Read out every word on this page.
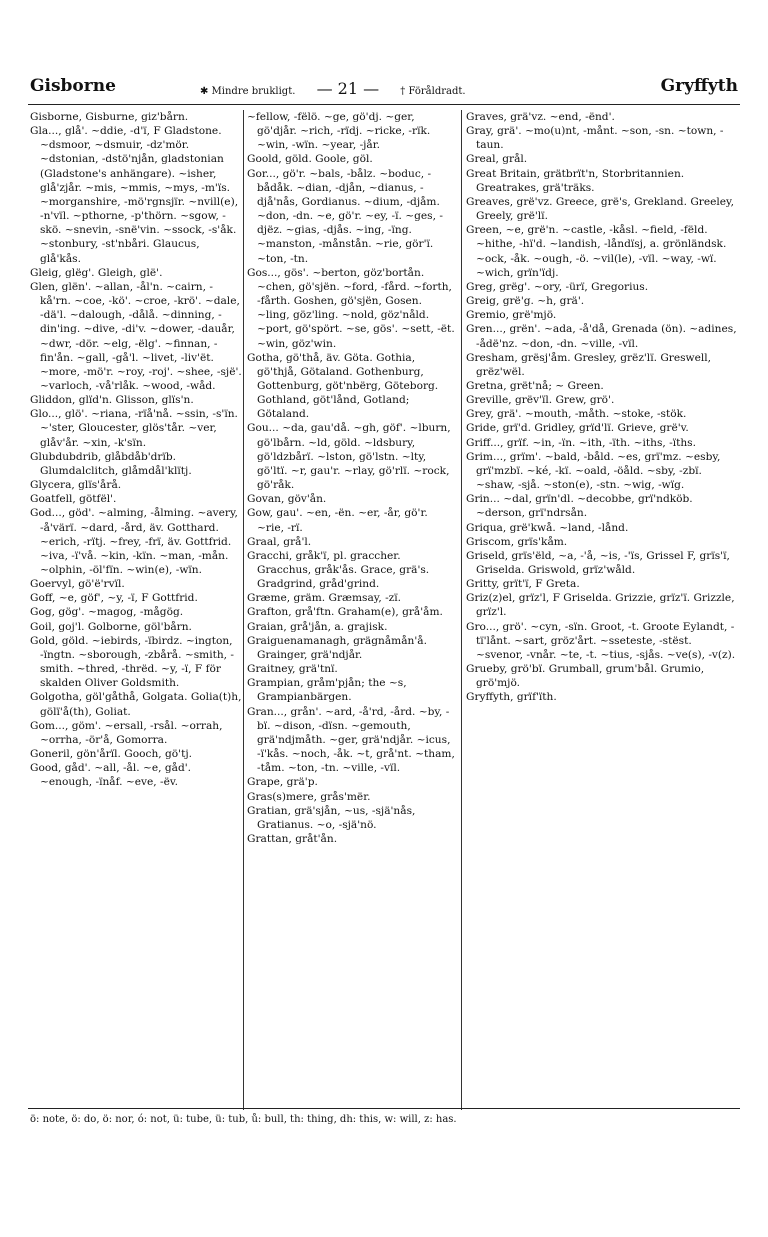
Gisborne	✱ Mindre brukligt. — 21 — † Föråldradt.	Gryffyth

Gisborne, Gisburne, giz'bårn.

Gla..., glå'. ~ddie, -d'ï, F Gladstone. ~dsmoor, ~dsmuir, -dz'mör. ~dstonian, -dstö'njån, gladstonian (Gladstone's anhängare). ~isher, glå'zjår. ~mis, ~mmis, ~mys, -m'ïs. ~morganshire, -mö'rgnsjïr. ~nvill(e), -n'vïl. ~pthorne, -p'thörn. ~sgow, -skö. ~snevin, -snë'vin. ~ssock, -s'åk. ~stonbury, -st'nbåri. Glaucus, glå'kås.

Gleig, glëg'. Gleigh, glë'.

Glen, glën'. ~allan, -ål'n. ~cairn, -kå'rn. ~coe, -kö'. ~croe, -krö'. ~dale, -dä'l. ~dalough, -dålå. ~dinning, -din'ing. ~dive, -di'v. ~dower, -dauår, ~dwr, -dör. ~elg, -ëlg'. ~finnan, -fin'ån. ~gall, -gå'l. ~livet, -liv'ët. ~more, -mö'r. ~roy, -roj'. ~shee, -sjë'. ~varloch, -vå'rlåk. ~wood, -wåd.

Gliddon, glïd'n. Glisson, glïs'n.

Glo..., glö'. ~riana, -rïå'nå. ~ssin, -s'ïn. ~'ster, Gloucester, glös'tår. ~ver, glåv'år. ~xin, -k'sïn.

Glubdubdrib, glåbdåb'drïb. Glumdalclitch, glåmdål'klïtj.

Glycera, glïs'årå.

Goatfell, götfël'.

God..., göd'. ~alming, -ålming. ~avery, -å'värï. ~dard, -ård, äv. Gotthard. ~erich, -rïtj. ~frey, -frï, äv. Gottfrid. ~iva, -ï'vå. ~kin, -kïn. ~man, -mån. ~olphin, -öl'fïn. ~win(e), -wïn.

Goervyl, gö'ë'rvïl.

Goff, ~e, göf', ~y, -ï, F Gottfrid.

Gog, gög'. ~magog, -mågög.

Goil, goj'l. Golborne, göl'bårn.

Gold, göld. ~iebirds, -ïbirdz. ~ington, -ïngtn. ~sborough, -zbårå. ~smith, -smith. ~thred, -thrëd. ~y, -ï, F för skalden Oliver Goldsmith.

Golgotha, göl'gåthå, Golgata. Golia(t)h, gölï'å(th), Goliat.

Gom..., göm'. ~ersall, -rsål. ~orrah, ~orrha, -ör'å, Gomorra.

Goneril, gön'årïl. Gooch, gö'tj.

Good, gåd'. ~all, -ål. ~e, gåd'. ~enough, -ïnåf. ~eve, -ëv.

~fellow, -fëlö. ~ge, gö'dj. ~ger, gö'djår. ~rich, -rïdj. ~ricke, -rïk. ~win, -wïn. ~year, -jår.

Goold, göld. Goole, göl.

Gor..., gö'r. ~bals, -bålz. ~boduc, -bådåk. ~dian, -djån, ~dianus, -djå'nås, Gordianus. ~dium, -djåm. ~don, -dn. ~e, gö'r. ~ey, -ï. ~ges, -djëz. ~gias, -djås. ~ing, -ïng. ~manston, -månstån. ~rie, gör'ï. ~ton, -tn.

Gos..., gös'. ~berton, göz'bortån. ~chen, gö'sjën. ~ford, -fård. ~forth, -fårth. Goshen, gö'sjën, Gosen. ~ling, göz'ling. ~nold, göz'nåld. ~port, gö'spört. ~se, gös'. ~sett, -ët. ~win, göz'win.

Gotha, gö'thå, äv. Göta. Gothia, gö'thjå, Götaland. Gothenburg, Gottenburg, göt'nbërg, Göteborg. Gothland, göt'lånd, Gotland; Götaland.

Gou... ~da, gau'då. ~gh, göf'. ~lburn, gö'lbårn. ~ld, göld. ~ldsbury, gö'ldzbårï. ~lston, gö'lstn. ~lty, gö'ltï. ~r, gau'r. ~rlay, gö'rlï. ~rock, gö'råk.

Govan, göv'ån.

Gow, gau'. ~en, -ën. ~er, -år, gö'r. ~rie, -rï.

Graal, grå'l.

Gracchi, gråk'ï, pl. graccher. Gracchus, gråk'ås. Grace, grä's. Gradgrind, gråd'grind.

Græme, gräm. Græmsay, -zï.

Grafton, grå'ftn. Graham(e), grå'åm.

Graian, grå'jån, a. grajisk.

Graiguenamanagh, grägnåmån'å. Grainger, grä'ndjår.

Graitney, grä'tnï.

Grampian, gråm'pjån; the ~s, Grampianbärgen.

Gran..., grån'. ~ard, -å'rd, -ård. ~by, -bï. ~dison, -dïsn. ~gemouth, grä'ndjmåth. ~ger, grä'ndjår. ~icus, -ï'kås. ~noch, -åk. ~t, grå'nt. ~tham, -tåm. ~ton, -tn. ~ville, -vïl.

Grape, grä'p.

Gras(s)mere, grås'mër.

Gratian, grä'sjån, ~us, -sjä'nås, Gratianus. ~o, -sjä'nö.

Grattan, gråt'ån.

Graves, grä'vz. ~end, -ënd'.

Gray, grä'. ~mo(u)nt, -månt. ~son, -sn. ~town, -taun.

Greal, grål.

Great Britain, grätbrït'n, Storbritannien. Greatrakes, grä'träks.

Greaves, grë'vz. Greece, grë's, Grekland. Greeley, Greely, grë'lï.

Green, ~e, grë'n. ~castle, -kåsl. ~field, -fëld. ~hithe, -hï'd. ~landish, -låndïsj, a. grönländsk. ~ock, -åk. ~ough, -ö. ~vil(le), -vïl. ~way, -wï. ~wich, grïn'ïdj.

Greg, grëg'. ~ory, -ürï, Gregorius.

Greig, grë'g. ~h, grä'.

Gremio, grë'mjö.

Gren..., grën'. ~ada, -å'då, Grenada (ön). ~adines, -ådë'nz. ~don, -dn. ~ville, -vïl.

Gresham, grësj'åm. Gresley, grëz'lï. Greswell, grëz'wël.

Gretna, grët'nå; ~ Green.

Greville, grëv'ïl. Grew, grö'.

Grey, grä'. ~mouth, -måth. ~stoke, -stök.

Gride, grï'd. Gridley, grïd'lï. Grieve, grë'v.

Griff..., grïf. ~in, -ïn. ~ith, -ïth. ~iths, -ïths.

Grim..., grïm'. ~bald, -båld. ~es, grï'mz. ~esby, grï'mzbï. ~ké, -kï. ~oald, -öåld. ~sby, -zbï. ~shaw, -sjå. ~ston(e), -stn. ~wig, -wïg.

Grin... ~dal, grïn'dl. ~decobbe, grï'ndköb. ~derson, grï'ndrsån.

Griqua, grë'kwå. ~land, -lånd.

Griscom, grïs'kåm.

Griseld, grïs'ëld, ~a, -'å, ~is, -'ïs, Grissel F, grïs'ï, Griselda. Griswold, grïz'wåld.

Gritty, grït'ï, F Greta.

Griz(z)el, grïz'l, F Griselda. Grizzie, grïz'ï. Grizzle, grïz'l.

Gro..., grö'. ~cyn, -sïn. Groot, -t. Groote Eylandt, -tï'lånt. ~sart, gröz'årt. ~sseteste, -stëst. ~svenor, -vnår. ~te, -t. ~tius, -sjås. ~ve(s), -v(z).

Grueby, grö'bï. Grumball, grum'bål. Grumio, grö'mjö.

Gryffyth, grïf'ïth.

ö: note, ö: do, ö: nor, ó: not, ü: tube, ü: tub, ů: bull, th: thing, dh: this, w: will, z: has.
